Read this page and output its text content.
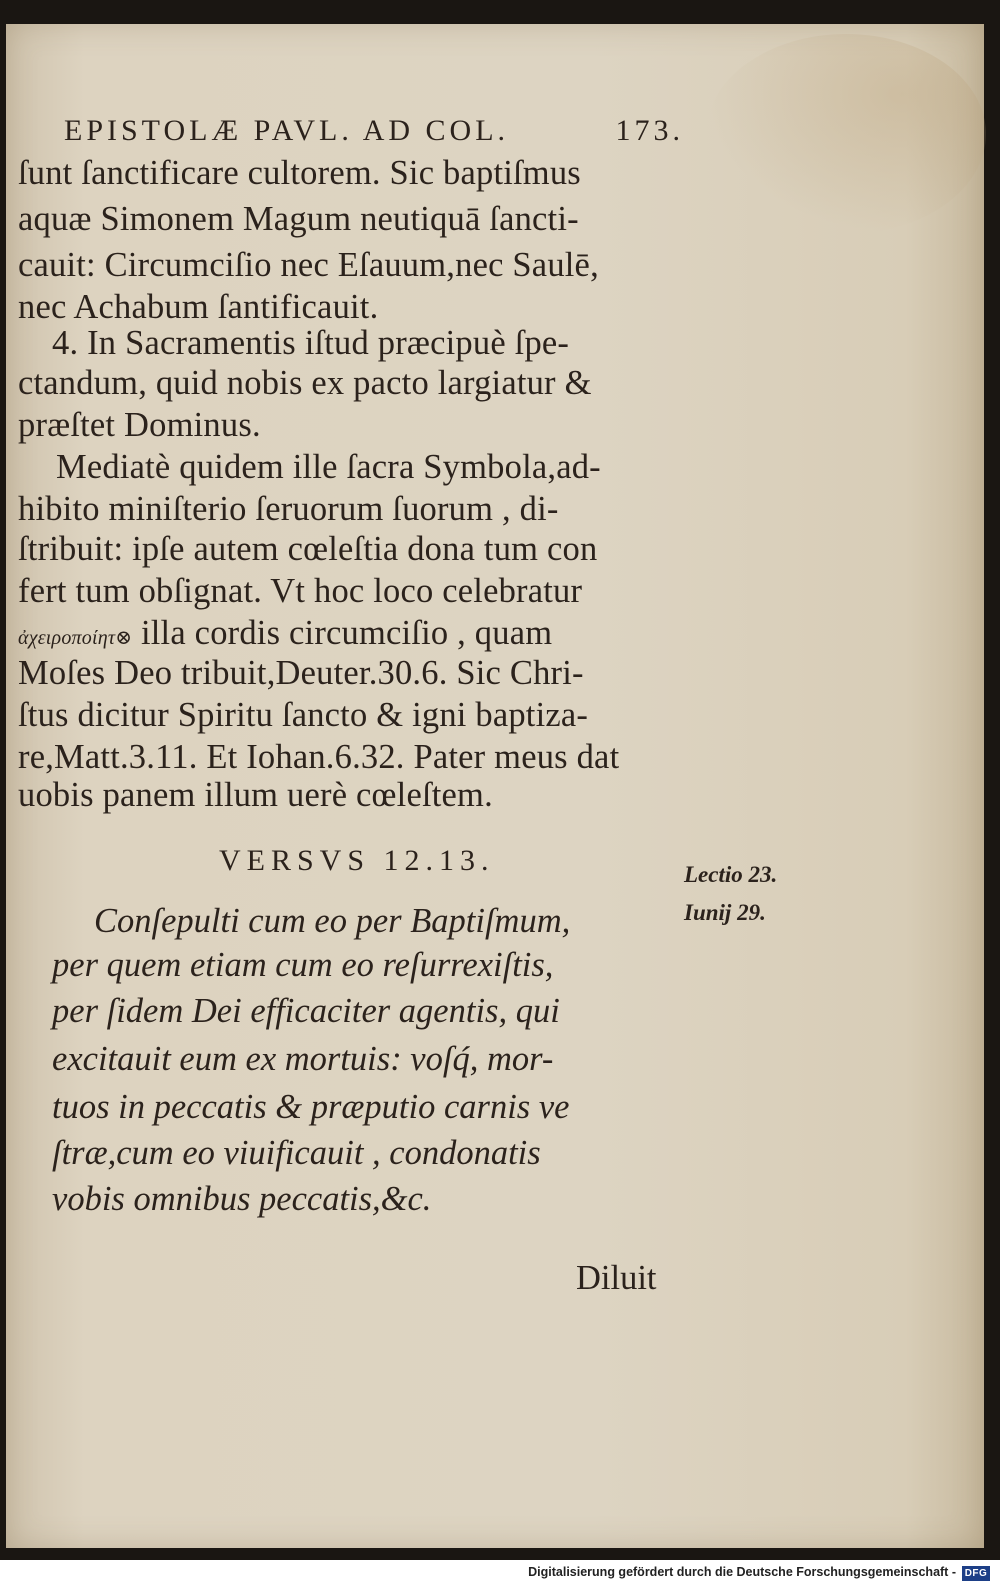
EPISTOLÆ PAVL. AD COL.	173.
ſunt ſanctificare cultorem. Sic baptiſmus
aquæ Simonem Magum neutiquā ſancti-
cauit: Circumciſio nec Eſauum,nec Saulē,
nec Achabum ſantificauit.
4. In Sacramentis iſtud præcipuè ſpe-
ctandum, quid nobis ex pacto largiatur &
præſtet Dominus.
Mediatè quidem ille ſacra Symbola,ad-
hibito miniſterio ſeruorum ſuorum , di-
ſtribuit: ipſe autem cœleſtia dona tum con
fert tum obſignat. Vt hoc loco celebratur
ἀχειροποίητ⊗ illa cordis circumciſio , quam
Moſes Deo tribuit,Deuter.30.6. Sic Chri-
ſtus dicitur Spiritu ſancto & igni baptiza-
re,Matt.3.11. Et Iohan.6.32. Pater meus dat
uobis panem illum uerè cœleſtem.
VERSVS 12.13.
Conſepulti cum eo per Baptiſmum,
per quem etiam cum eo reſurrexiſtis,
per ſidem Dei efficaciter agentis, qui
excitauit eum ex mortuis: voſq́, mor-
tuos in peccatis & præputio carnis ve
ſtræ,cum eo viuificauit , condonatis
vobis omnibus peccatis,&c.
Lectio 23.
Iunij 29.
Diluit
Digitalisierung gefördert durch die Deutsche Forschungsgemeinschaft - DFG
